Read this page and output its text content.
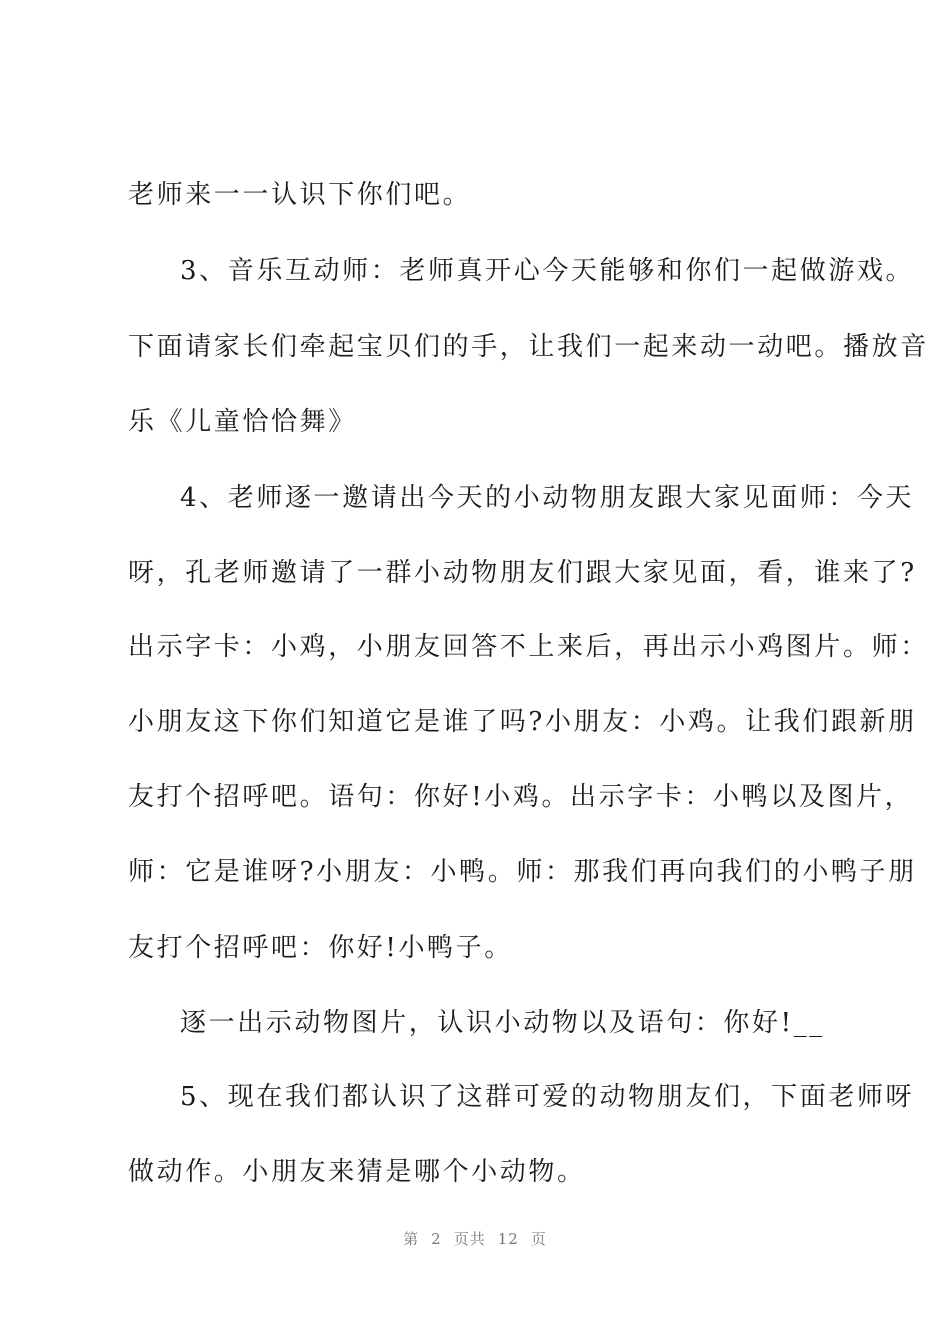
老师来一一认识下你们吧。
3、音乐互动师：老师真开心今天能够和你们一起做游戏。
下面请家长们牵起宝贝们的手，让我们一起来动一动吧。播放音
乐《儿童恰恰舞》
4、老师逐一邀请出今天的小动物朋友跟大家见面师：今天
呀，孔老师邀请了一群小动物朋友们跟大家见面，看，谁来了?
出示字卡：小鸡，小朋友回答不上来后，再出示小鸡图片。师：
小朋友这下你们知道它是谁了吗?小朋友：小鸡。让我们跟新朋
友打个招呼吧。语句：你好!小鸡。出示字卡：小鸭以及图片，
师：它是谁呀?小朋友：小鸭。师：那我们再向我们的小鸭子朋
友打个招呼吧：你好!小鸭子。
逐一出示动物图片，认识小动物以及语句：你好!__
5、现在我们都认识了这群可爱的动物朋友们，下面老师呀
做动作。小朋友来猜是哪个小动物。
第 2 页共 12 页
